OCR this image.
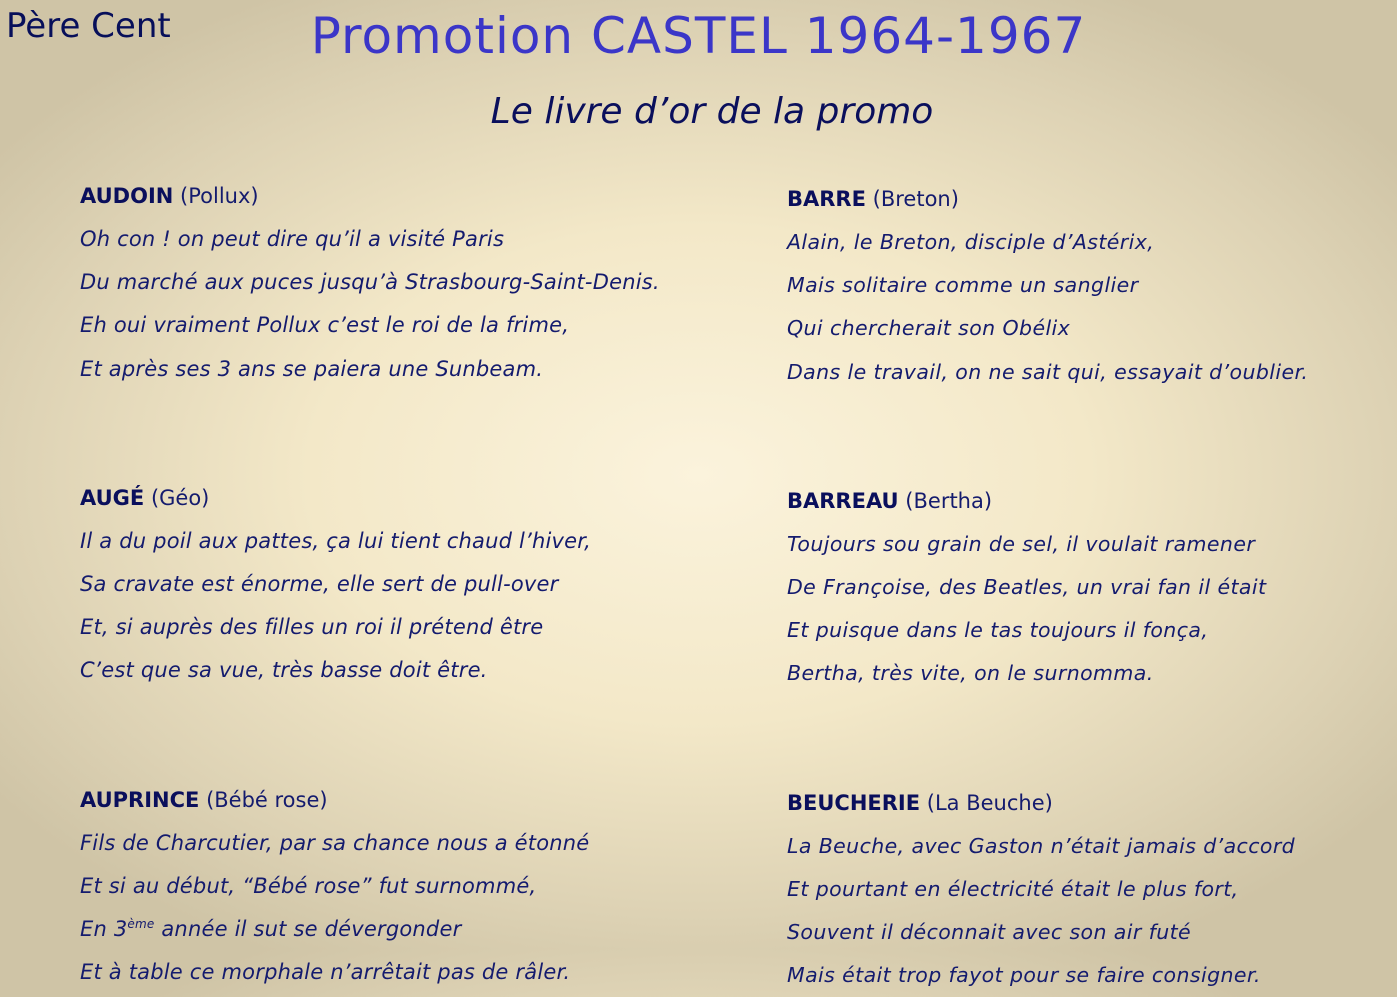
Père Cent	Promotion CASTEL 1964-1967
Le livre d’or de la promo
AUDOIN (Pollux)
Oh con ! on peut dire qu’il a visité Paris
Du marché aux puces jusqu’à Strasbourg-Saint-Denis.
Eh oui vraiment Pollux c’est le roi de la frime,
Et après ses 3 ans se paiera une Sunbeam.
AUGÉ (Géo)
Il a du poil aux pattes, ça lui tient chaud l’hiver,
Sa cravate est énorme, elle sert de pull-over
Et, si auprès des filles un roi il prétend être
C’est que sa vue, très basse doit être.
AUPRINCE (Bébé rose)
Fils de Charcutier, par sa chance nous a étonné
Et si au début, “Bébé rose” fut surnommé,
En 3ème année il sut se dévergonder
Et à table ce morphale n’arrêtait pas de râler.
BARRE (Breton)
Alain, le Breton, disciple d’Astérix,
Mais solitaire comme un sanglier
Qui chercherait son Obélix
Dans le travail, on ne sait qui, essayait d’oublier.
BARREAU (Bertha)
Toujours sou grain de sel, il voulait ramener
De Françoise, des Beatles, un vrai fan il était
Et puisque dans le tas toujours il fonça,
Bertha, très vite, on le surnomma.
BEUCHERIE (La Beuche)
La Beuche, avec Gaston n’était jamais d’accord
Et pourtant en électricité était le plus fort,
Souvent il déconnait avec son air futé
Mais était trop fayot pour se faire consigner.
